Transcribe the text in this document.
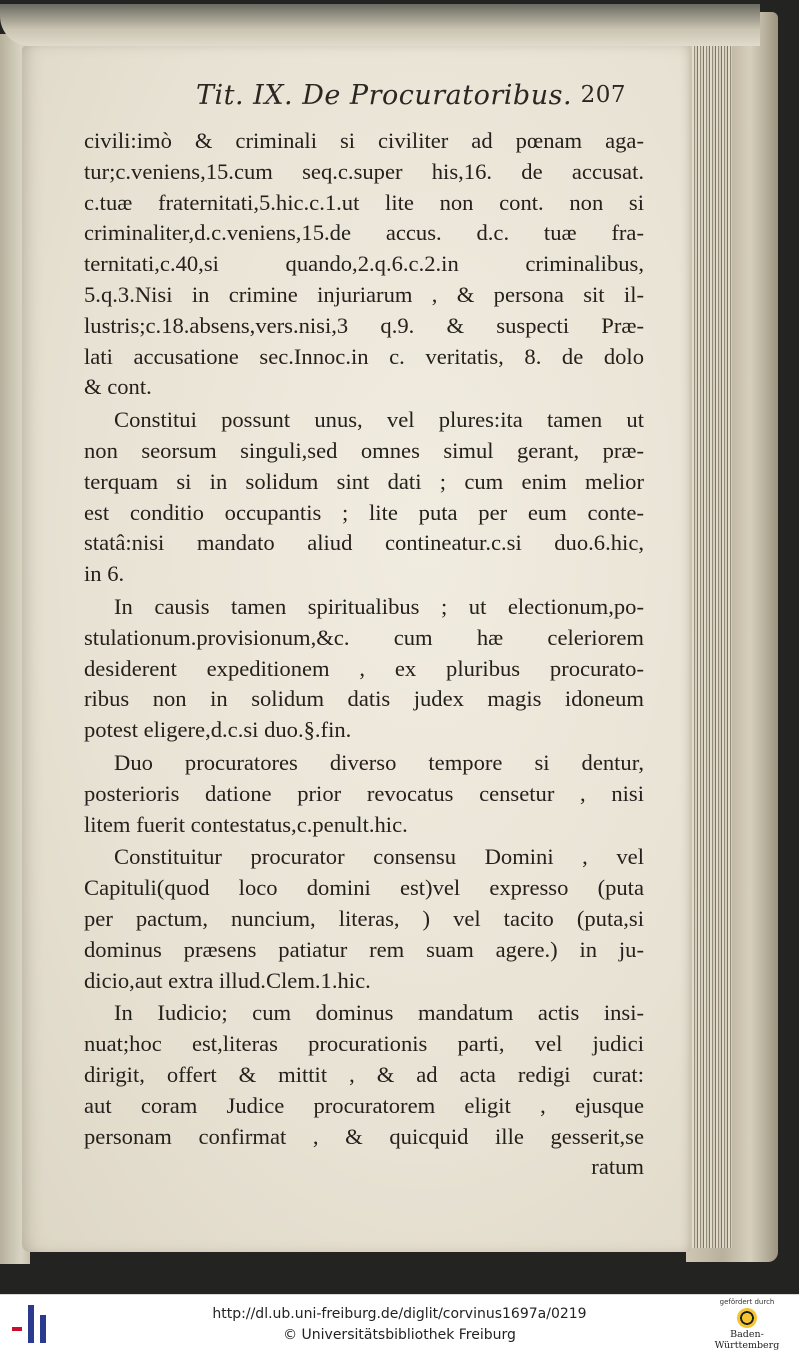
Tit. IX. De Procuratoribus. 207
civili:imò & criminali si civiliter ad pœnam aga-
tur;c.veniens,15.cum seq.c.super his,16. de accusat.
c.tuæ fraternitati,5.hic.c.1.ut lite non cont. non si
criminaliter,d.c.veniens,15.de accus. d.c. tuæ fra-
ternitati,c.40,si quando,2.q.6.c.2.in criminalibus,
5.q.3.Nisi in crimine injuriarum , & persona sit il-
lustris;c.18.absens,vers.nisi,3 q.9. & suspecti Præ-
lati accusatione sec.Innoc.in c. veritatis, 8. de dolo
& cont.
Constitui possunt unus, vel plures:ita tamen ut
non seorsum singuli,sed omnes simul gerant, præ-
terquam si in solidum sint dati ; cum enim melior
est conditio occupantis ; lite puta per eum conte-
statâ:nisi mandato aliud contineatur.c.si duo.6.hic,
in 6.
In causis tamen spiritualibus ; ut electionum,po-
stulationum.provisionum,&c. cum hæ celeriorem
desiderent expeditionem , ex pluribus procurato-
ribus non in solidum datis judex magis idoneum
potest eligere,d.c.si duo.§.fin.
Duo procuratores diverso tempore si dentur,
posterioris datione prior revocatus censetur , nisi
litem fuerit contestatus,c.penult.hic.
Constituitur procurator consensu Domini , vel
Capituli(quod loco domini est)vel expresso (puta
per pactum, nuncium, literas, ) vel tacito (puta,si
dominus præsens patiatur rem suam agere.) in ju-
dicio,aut extra illud.Clem.1.hic.
In Iudicio; cum dominus mandatum actis insi-
nuat;hoc est,literas procurationis parti, vel judici
dirigit, offert & mittit , & ad acta redigi curat:
aut coram Judice procuratorem eligit , ejusque
personam confirmat , & quicquid ille gesserit,se
ratum
http://dl.ub.uni-freiburg.de/diglit/corvinus1697a/0219
© Universitätsbibliothek Freiburg
gefördert durch
Baden-Württemberg
